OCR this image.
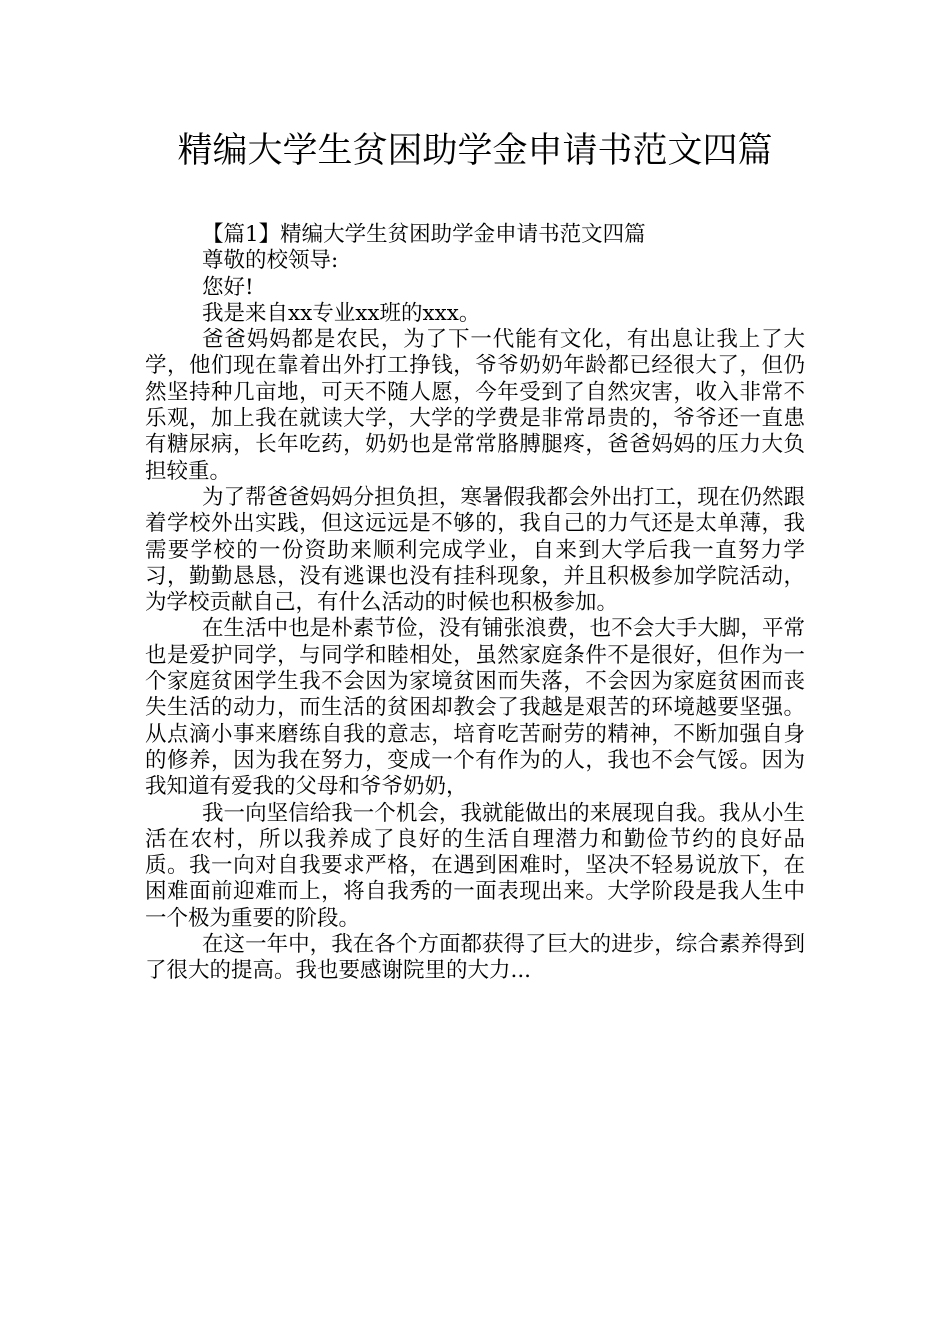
精编大学生贫困助学金申请书范文四篇

【篇1】精编大学生贫困助学金申请书范文四篇

尊敬的校领导:

您好!

我是来自xx专业xx班的xxx。

爸爸妈妈都是农民，为了下一代能有文化，有出息让我上了大学，他们现在靠着出外打工挣钱，爷爷奶奶年龄都已经很大了，但仍然坚持种几亩地，可天不随人愿，今年受到了自然灾害，收入非常不乐观，加上我在就读大学，大学的学费是非常昂贵的，爷爷还一直患有糖尿病，长年吃药，奶奶也是常常胳膊腿疼，爸爸妈妈的压力大负担较重。

为了帮爸爸妈妈分担负担，寒暑假我都会外出打工，现在仍然跟着学校外出实践，但这远远是不够的，我自己的力气还是太单薄，我需要学校的一份资助来顺利完成学业，自来到大学后我一直努力学习，勤勤恳恳，没有逃课也没有挂科现象，并且积极参加学院活动，为学校贡献自己，有什么活动的时候也积极参加。

在生活中也是朴素节俭，没有铺张浪费，也不会大手大脚，平常也是爱护同学，与同学和睦相处，虽然家庭条件不是很好，但作为一个家庭贫困学生我不会因为家境贫困而失落，不会因为家庭贫困而丧失生活的动力，而生活的贫困却教会了我越是艰苦的环境越要坚强。从点滴小事来磨练自我的意志，培育吃苦耐劳的精神，不断加强自身的修养，因为我在努力，变成一个有作为的人，我也不会气馁。因为我知道有爱我的父母和爷爷奶奶，

我一向坚信给我一个机会，我就能做出的来展现自我。我从小生活在农村，所以我养成了良好的生活自理潜力和勤俭节约的良好品质。我一向对自我要求严格，在遇到困难时，坚决不轻易说放下，在困难面前迎难而上，将自我秀的一面表现出来。大学阶段是我人生中一个极为重要的阶段。

在这一年中，我在各个方面都获得了巨大的进步，综合素养得到了很大的提高。我也要感谢院里的大力...
